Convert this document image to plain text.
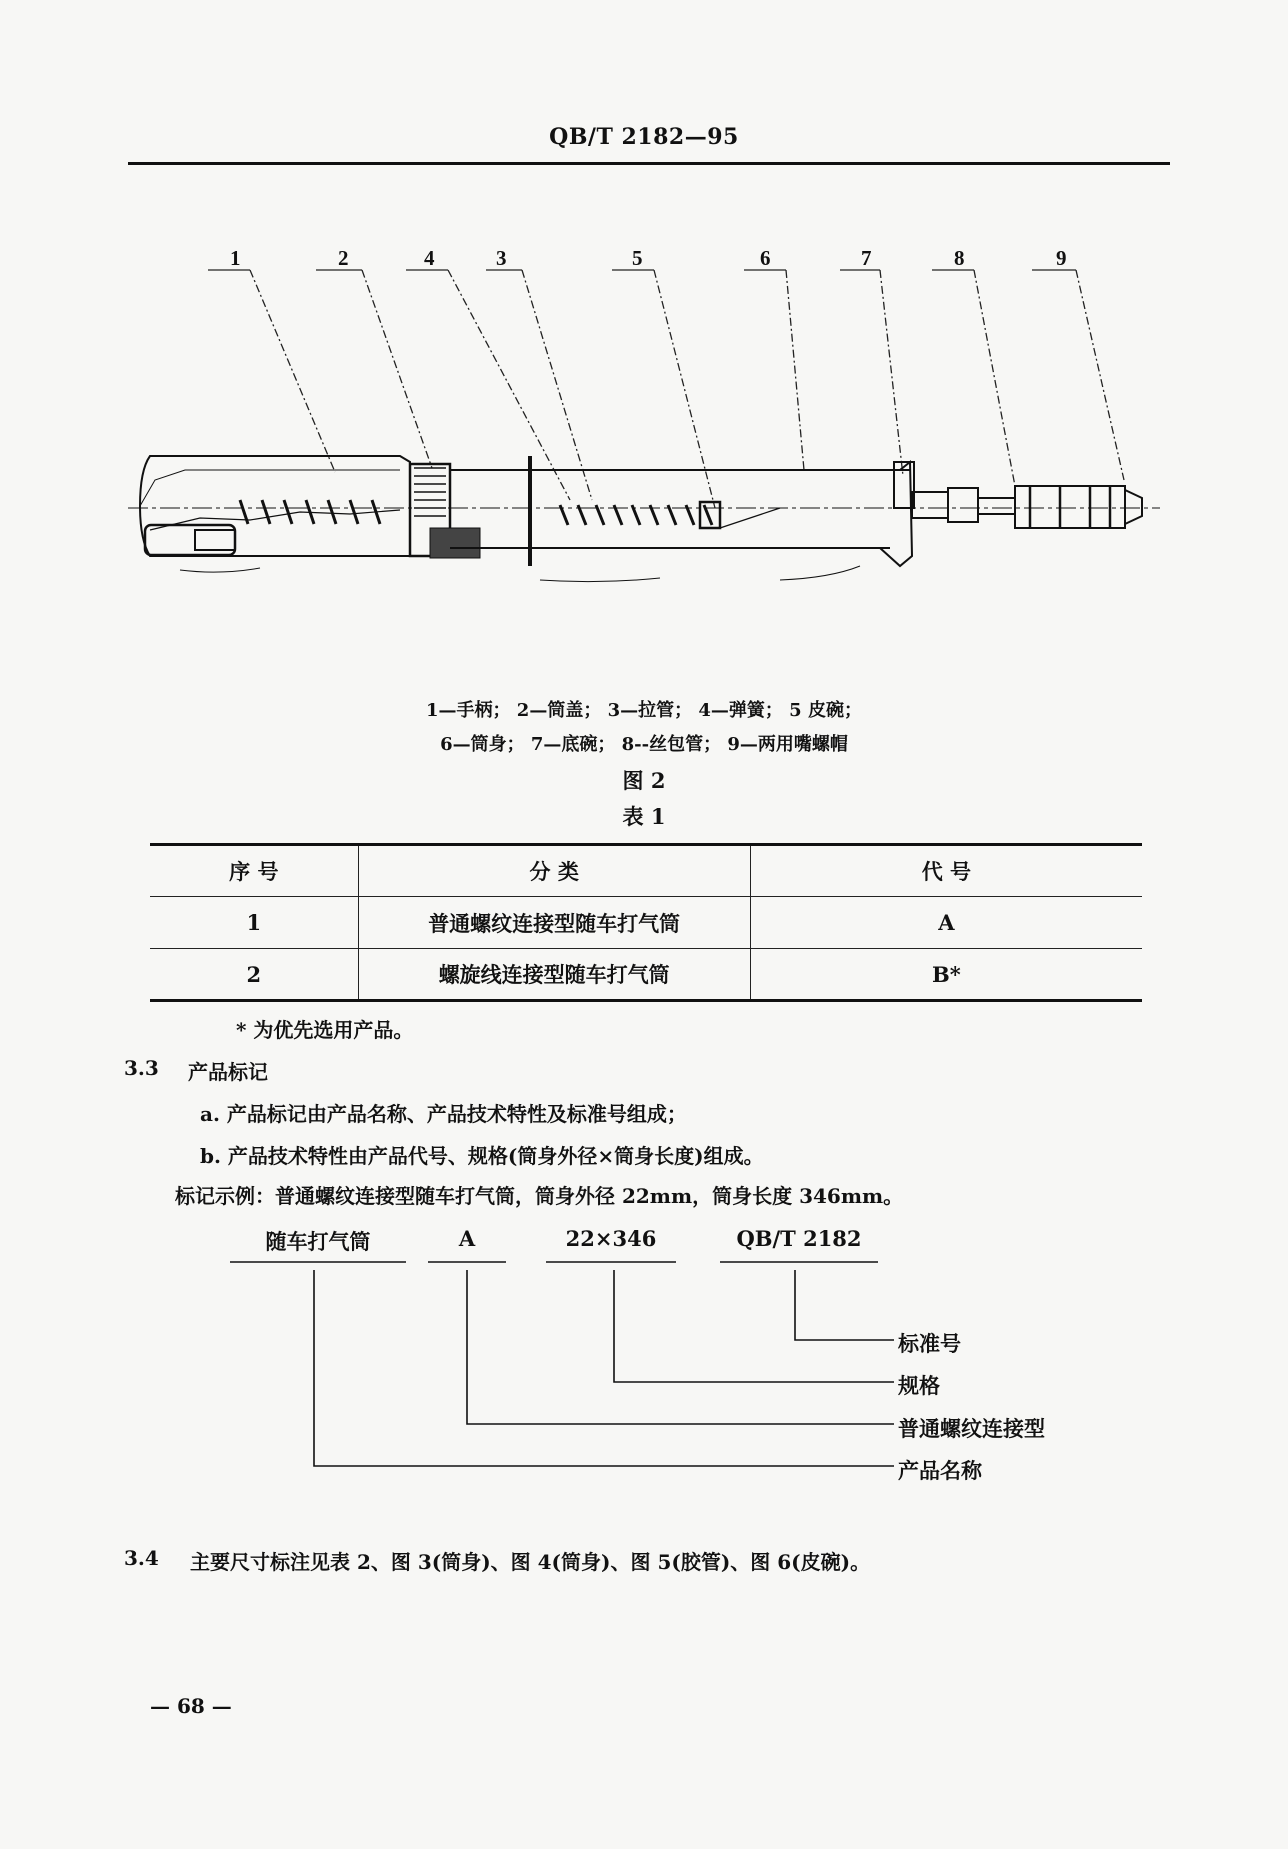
QB/T 2182—95
1	2	4	3	5	6	7	8	9
1—手柄； 2—筒盖； 3—拉管； 4—弹簧； 5 皮碗；
6—筒身； 7—底碗； 8--丝包管； 9—两用嘴螺帽
图 2
表 1
序 号	分 类	代 号
1	普通螺纹连接型随车打气筒	A
2	螺旋线连接型随车打气筒	B*
* 为优先选用产品。
3.3 产品标记
a. 产品标记由产品名称、产品技术特性及标准号组成；
b. 产品技术特性由产品代号、规格(筒身外径×筒身长度)组成。
标记示例：普通螺纹连接型随车打气筒，筒身外径 22mm，筒身长度 346mm。
随车打气筒	A	22×346	QB/T 2182
标准号
规格
普通螺纹连接型
产品名称
3.4 主要尺寸标注见表 2、图 3(筒身)、图 4(筒身)、图 5(胶管)、图 6(皮碗)。
— 68 —
